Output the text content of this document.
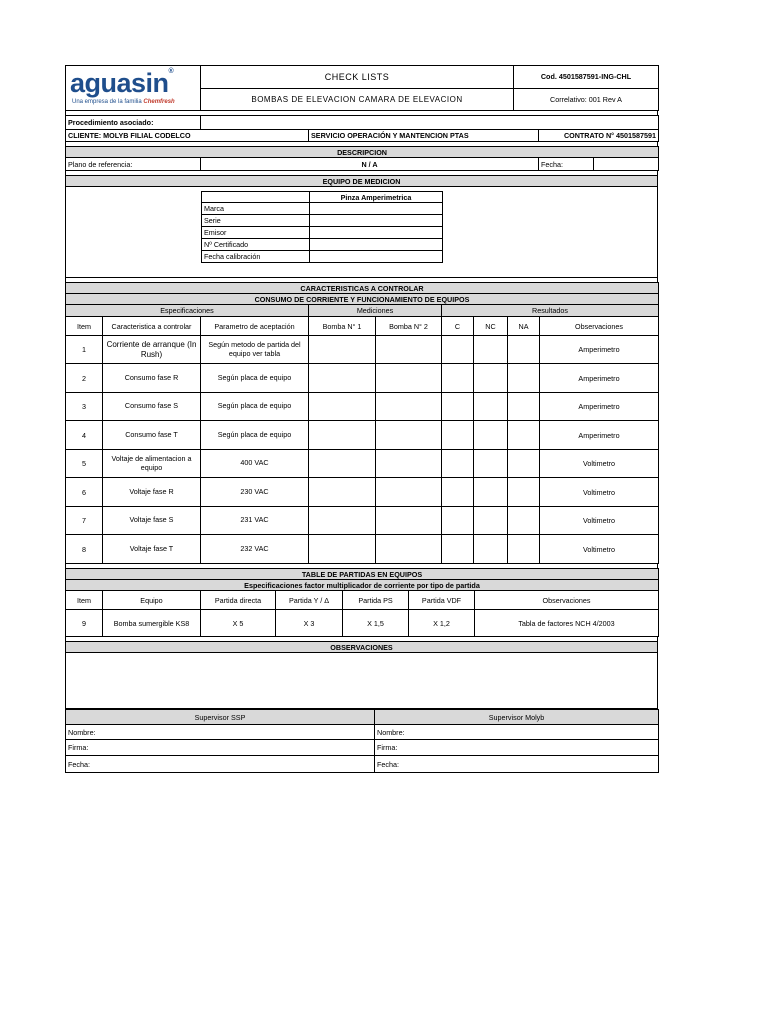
aguasin®
Una empresa de la familia Chemfresh	CHECK LISTS	Cod. 4501587591-ING-CHL
	BOMBAS DE ELEVACION CAMARA DE ELEVACION	Correlativo: 001 Rev A
Procedimiento asociado:			
CLIENTE: MOLYB FILIAL CODELCO		SERVICIO OPERACIÓN Y MANTENCION PTAS	CONTRATO N° 4501587591
DESCRIPCION
Plano de referencia:	N / A	Fecha:	
EQUIPO DE MEDICION

	Pinza Amperimetrica
Marca	
Serie	
Emisor	
Nº Certificado	
Fecha calibración	
CARACTERISTICAS A CONTROLAR								
CONSUMO DE CORRIENTE Y FUNCIONAMIENTO DE EQUIPOS								
Especificaciones			Mediciones		Resultados			
Item	Caracteristica a controlar	Parametro de aceptación	Bomba N° 1	Bomba N° 2	C	NC	NA	Observaciones
1	Corriente de arranque (In Rush)	Según metodo de partida del equipo ver tabla						Amperimetro
2	Consumo fase R	Según placa de equipo						Amperimetro
3	Consumo fase S	Según placa de equipo						Amperimetro
4	Consumo fase T	Según placa de equipo						Amperimetro
5	Voltaje de alimentacion a equipo	400 VAC						Voltimetro
6	Voltaje fase R	230 VAC						Voltimetro
7	Voltaje fase S	231 VAC						Voltimetro
8	Voltaje fase T	232 VAC						Voltimetro
TABLE DE PARTIDAS EN EQUIPOS						
Especificaciones factor multiplicador de corriente por tipo de partida						
Item	Equipo	Partida directa	Partida Y / Δ	Partida PS	Partida VDF	Observaciones
9	Bomba sumergible KS8	X 5	X 3	X 1,5	X 1,2	Tabla de factores NCH 4/2003
OBSERVACIONES

Supervisor SSP	Supervisor Molyb
Nombre:	Nombre:
Firma:	Firma:
Fecha:	Fecha:
